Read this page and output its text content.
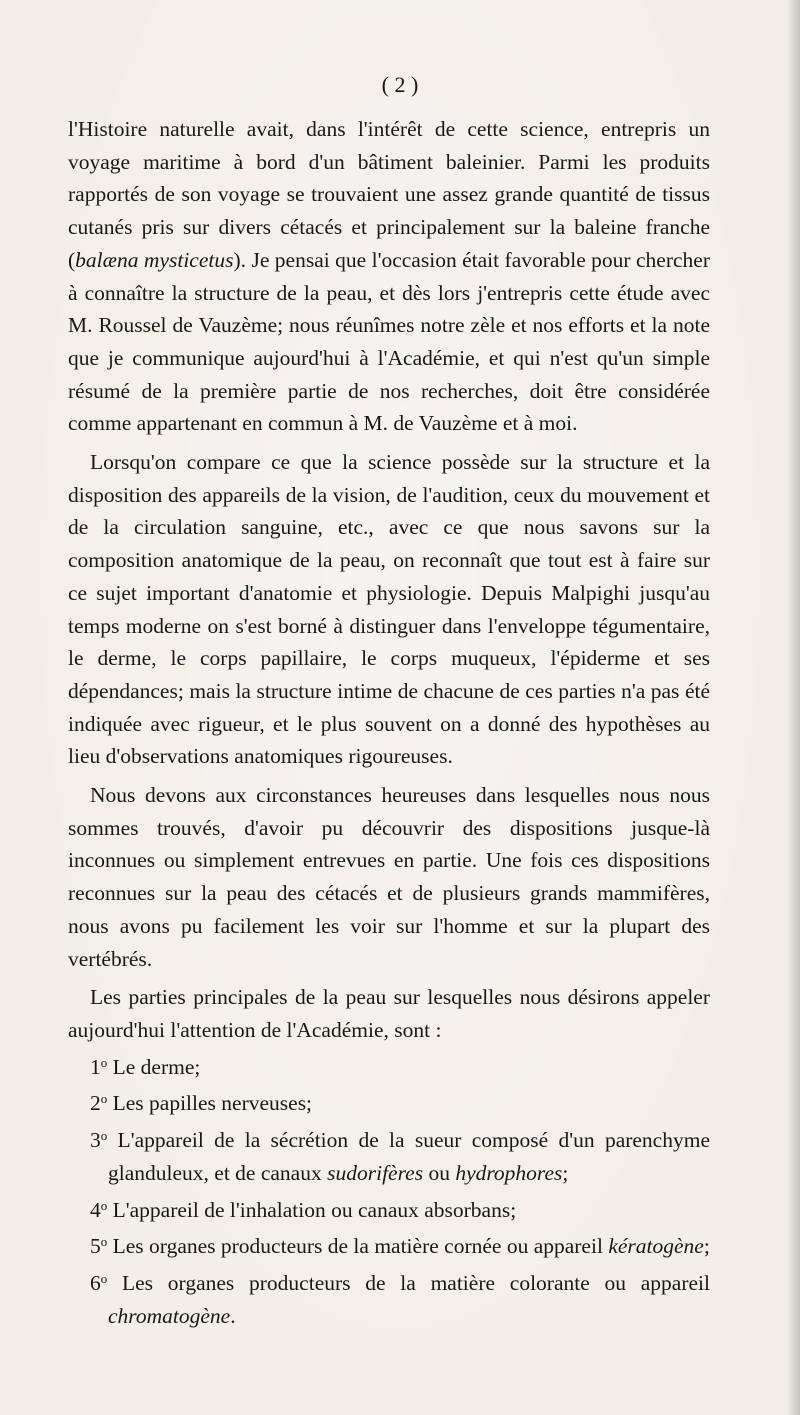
( 2 )

l'Histoire naturelle avait, dans l'intérêt de cette science, entrepris un voyage maritime à bord d'un bâtiment baleinier. Parmi les produits rapportés de son voyage se trouvaient une assez grande quantité de tissus cutanés pris sur divers cétacés et principalement sur la baleine franche (balæna mysticetus). Je pensai que l'occasion était favorable pour chercher à connaître la structure de la peau, et dès lors j'entrepris cette étude avec M. Roussel de Vauzème; nous réunîmes notre zèle et nos efforts et la note que je communique aujourd'hui à l'Académie, et qui n'est qu'un simple résumé de la première partie de nos recherches, doit être considérée comme appartenant en commun à M. de Vauzème et à moi.

Lorsqu'on compare ce que la science possède sur la structure et la disposition des appareils de la vision, de l'audition, ceux du mouvement et de la circulation sanguine, etc., avec ce que nous savons sur la composition anatomique de la peau, on reconnaît que tout est à faire sur ce sujet important d'anatomie et physiologie. Depuis Malpighi jusqu'au temps moderne on s'est borné à distinguer dans l'enveloppe tégumentaire, le derme, le corps papillaire, le corps muqueux, l'épiderme et ses dépendances; mais la structure intime de chacune de ces parties n'a pas été indiquée avec rigueur, et le plus souvent on a donné des hypothèses au lieu d'observations anatomiques rigoureuses.

Nous devons aux circonstances heureuses dans lesquelles nous nous sommes trouvés, d'avoir pu découvrir des dispositions jusque-là inconnues ou simplement entrevues en partie. Une fois ces dispositions reconnues sur la peau des cétacés et de plusieurs grands mammifères, nous avons pu facilement les voir sur l'homme et sur la plupart des vertébrés.

Les parties principales de la peau sur lesquelles nous désirons appeler aujourd'hui l'attention de l'Académie, sont :

1$^o$ Le derme;
2$^o$ Les papilles nerveuses;
3$^o$ L'appareil de la sécrétion de la sueur composé d'un parenchyme glanduleux, et de canaux sudorifères ou hydrophores;
4$^o$ L'appareil de l'inhalation ou canaux absorbans;
5$^o$ Les organes producteurs de la matière cornée ou appareil kératogène;
6$^o$ Les organes producteurs de la matière colorante ou appareil chromatogène.
